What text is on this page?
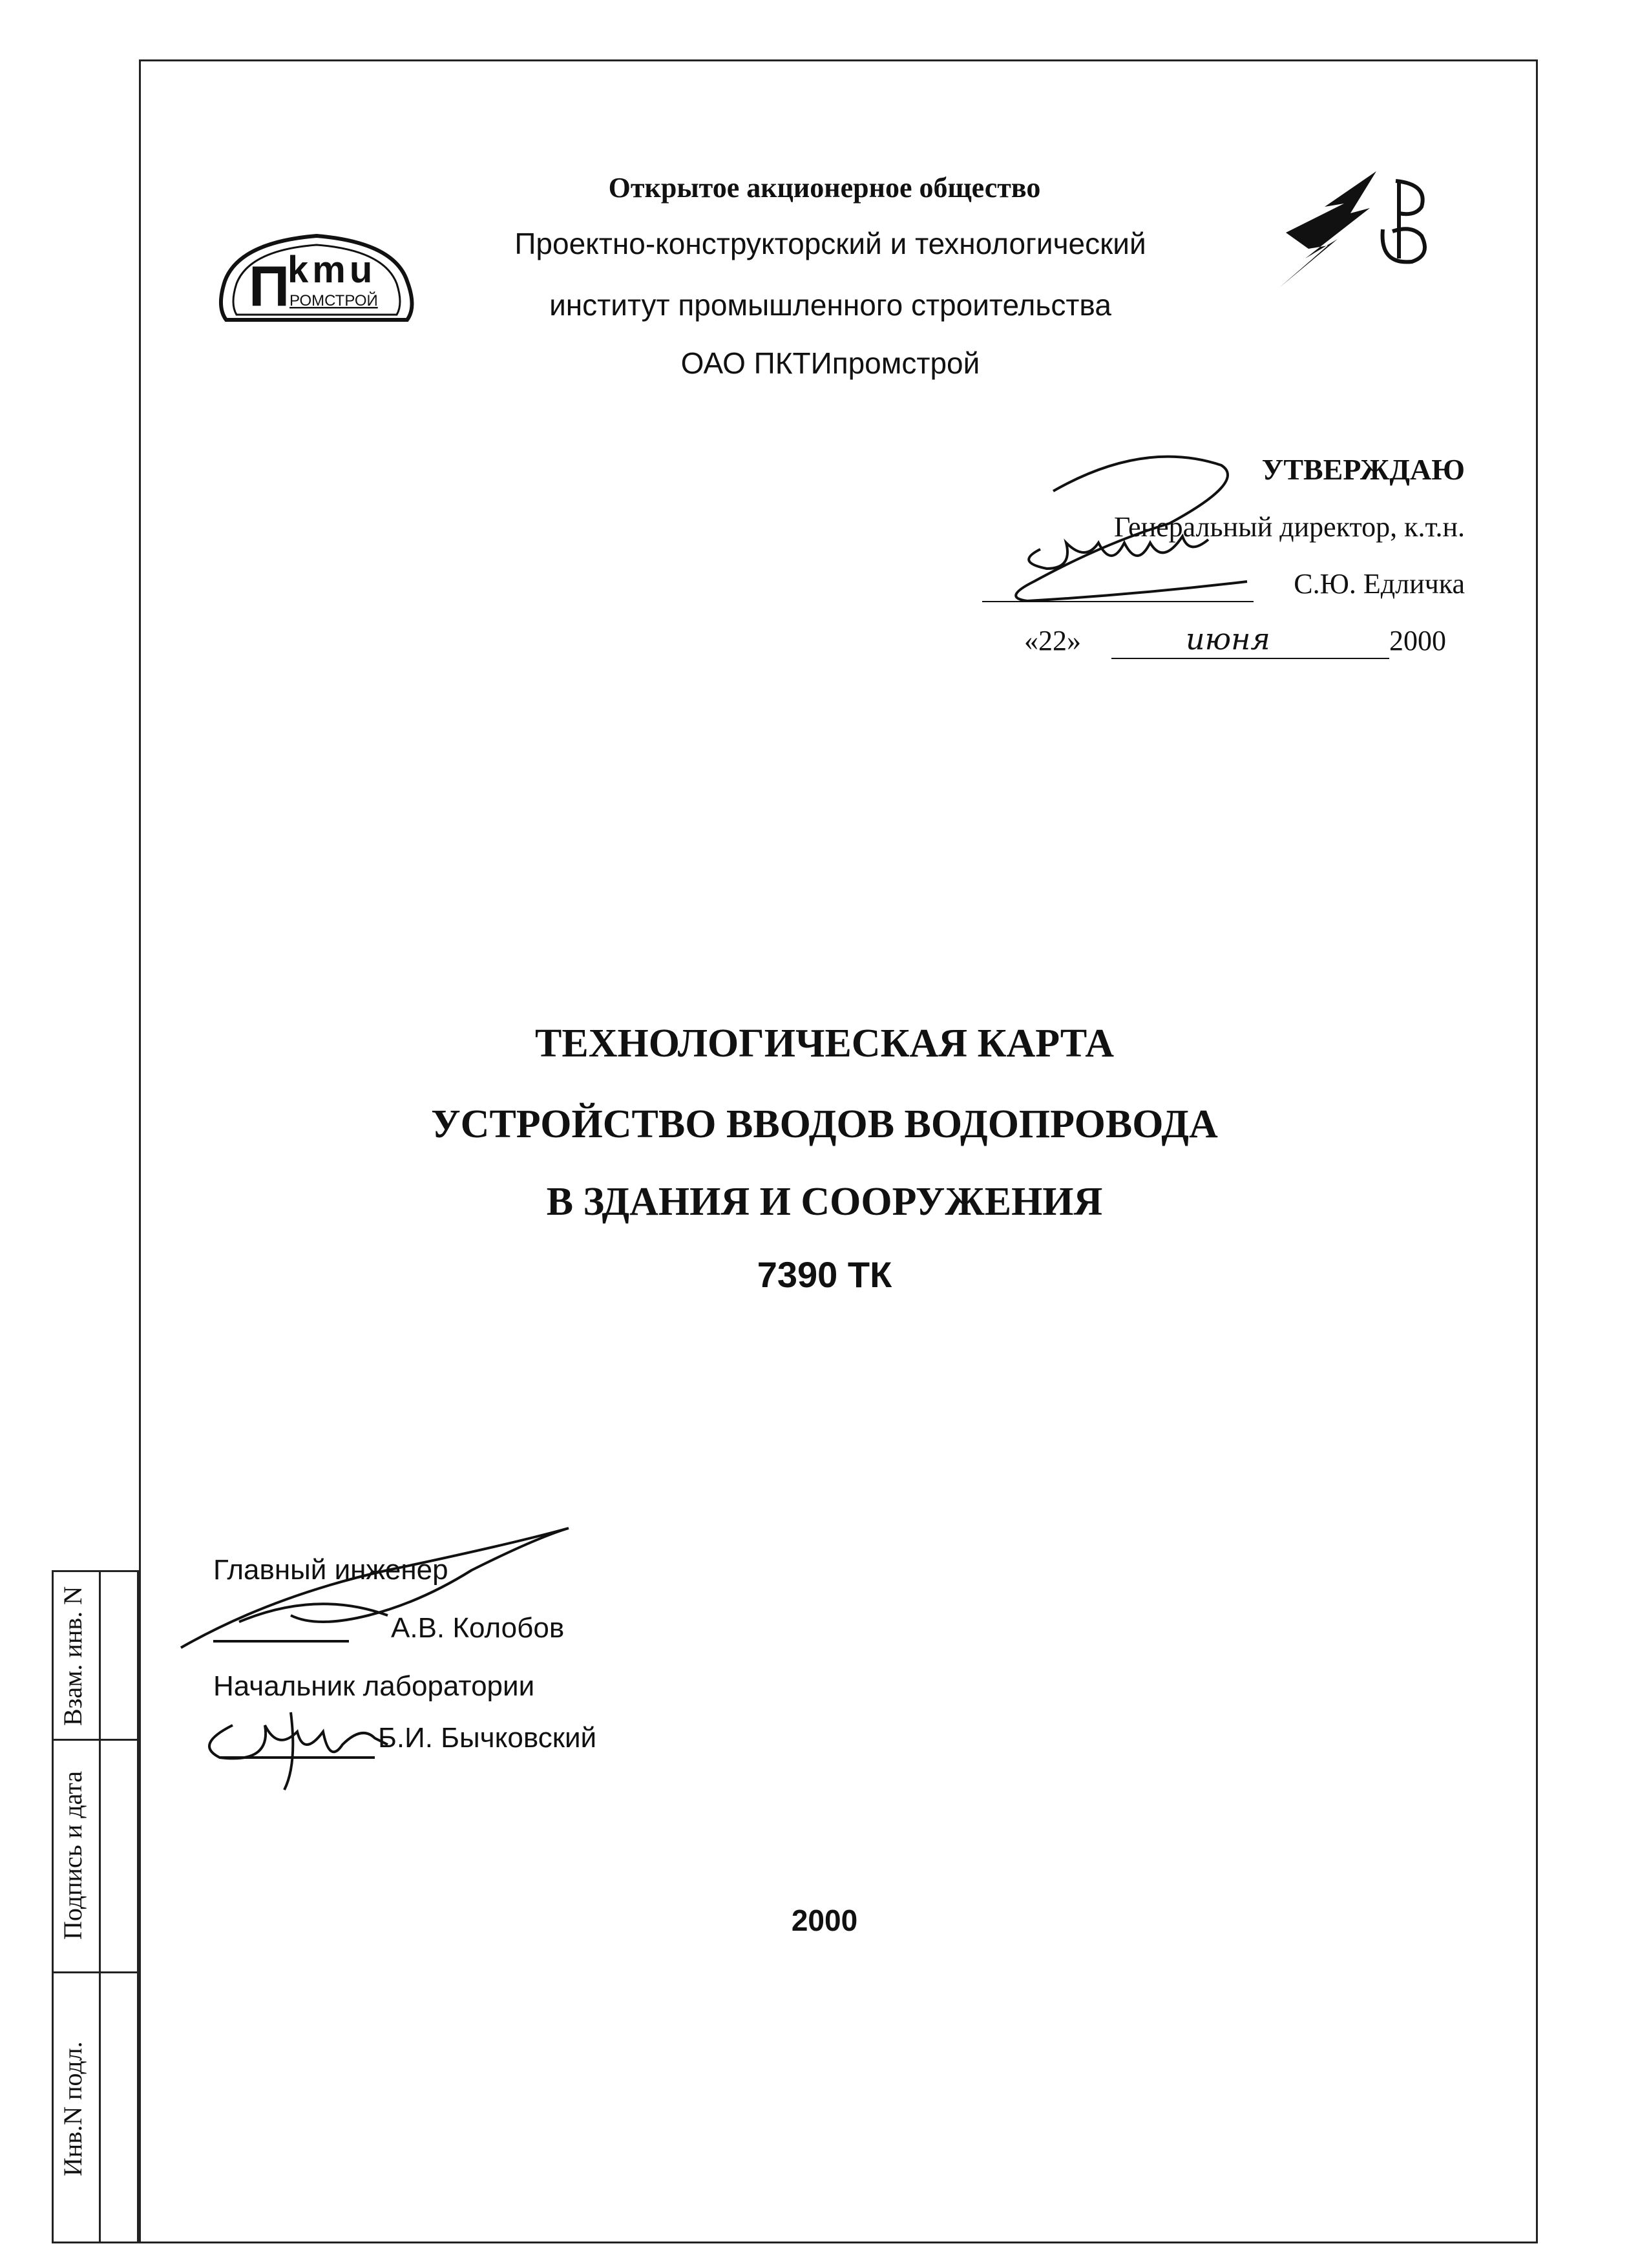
П
kmu
РОМСТРОЙ
Открытое акционерное общество
Проектно-конструкторский и технологический
институт промышленного строительства
ОАО ПКТИпромстрой
УТВЕРЖДАЮ
Генеральный директор, к.т.н.
С.Ю. Едличка
«22»	июня	2000
ТЕХНОЛОГИЧЕСКАЯ КАРТА
УСТРОЙСТВО ВВОДОВ ВОДОПРОВОДА
В ЗДАНИЯ И СООРУЖЕНИЯ
7390 ТК
Главный инженер
А.В. Колобов
Начальник лаборатории
Б.И. Бычковский
2000
Взам. инв. N
Подпись и дата
Инв.N подл.
